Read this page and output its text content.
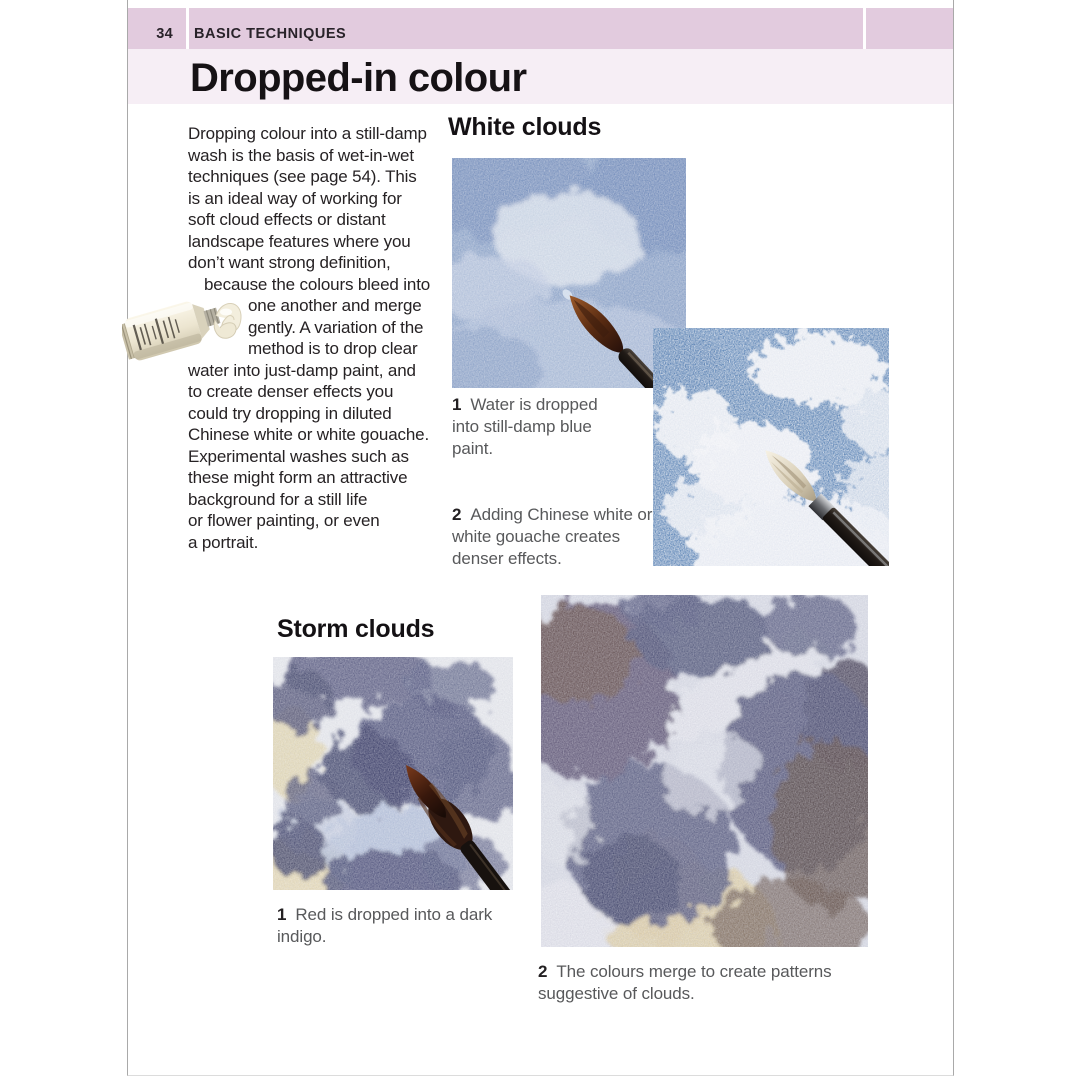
34	BASIC TECHNIQUES
Dropped-in colour
Dropping colour into a still-damp
wash is the basis of wet-in-wet
techniques (see page 54). This
is an ideal way of working for
soft cloud effects or distant
landscape features where you
don’t want strong definition,
because the colours bleed into
one another and merge
gently. A variation of the
method is to drop clear
water into just-damp paint, and
to create denser effects you
could try dropping in diluted
Chinese white or white gouache.
Experimental washes such as
these might form an attractive
background for a still life
or flower painting, or even
a portrait.
White clouds
1 Water is dropped into still-damp blue paint.
2 Adding Chinese white or white gouache creates denser effects.
Storm clouds
1 Red is dropped into a dark indigo.
2 The colours merge to create patterns suggestive of clouds.
